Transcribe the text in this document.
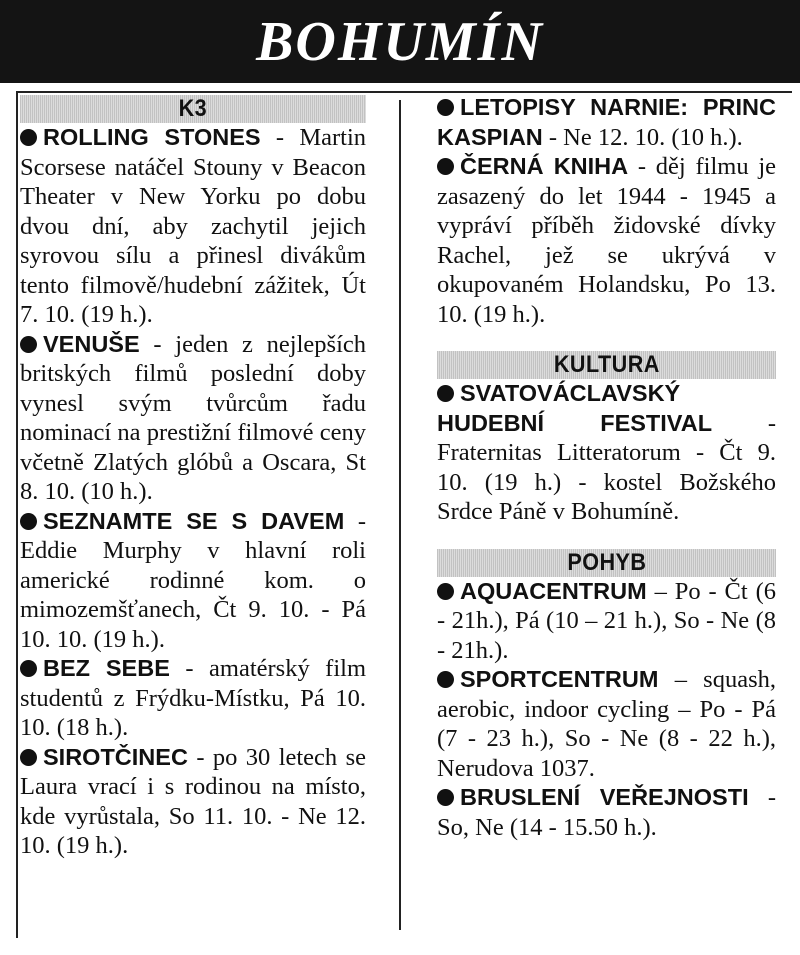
BOHUMÍN
K3
ROLLING STONES - Martin Scorsese natáčel Stouny v Beacon Theater v New Yorku po dobu dvou dní, aby zachytil jejich syrovou sílu a přinesl divákům tento filmově/hudební zážitek, Út 7. 10. (19 h.).
VENUŠE - jeden z nejlepších britských filmů poslední doby vynesl svým tvůrcům řadu nominací na prestižní filmové ceny včetně Zlatých glóbů a Oscara, St 8. 10. (10 h.).
SEZNAMTE SE S DAVEM - Eddie Murphy v hlavní roli americké rodinné kom. o mimozemšťanech, Čt 9. 10. - Pá 10. 10. (19 h.).
BEZ SEBE - amatérský film studentů z Frýdku-Místku, Pá 10. 10. (18 h.).
SIROTČINEC - po 30 letech se Laura vrací i s rodinou na místo, kde vyrůstala, So 11. 10. - Ne 12. 10. (19 h.).
LETOPISY NARNIE: PRINC KASPIAN - Ne 12. 10. (10 h.).
ČERNÁ KNIHA - děj filmu je zasazený do let 1944 - 1945 a vypráví příběh židovské dívky Rachel, jež se ukrývá v okupovaném Holandsku, Po 13. 10. (19 h.).
KULTURA
SVATOVÁCLAVSKÝ HUDEBNÍ FESTIVAL - Fraternitas Litteratorum - Čt 9. 10. (19 h.) - kostel Božského Srdce Páně v Bohumíně.
POHYB
AQUACENTRUM – Po - Čt (6 - 21h.), Pá (10 – 21 h.), So - Ne (8 - 21h.).
SPORTCENTRUM – squash, aerobic, indoor cycling – Po - Pá (7 - 23 h.), So - Ne (8 - 22 h.), Nerudova 1037.
BRUSLENÍ VEŘEJNOSTI - So, Ne (14 - 15.50 h.).
